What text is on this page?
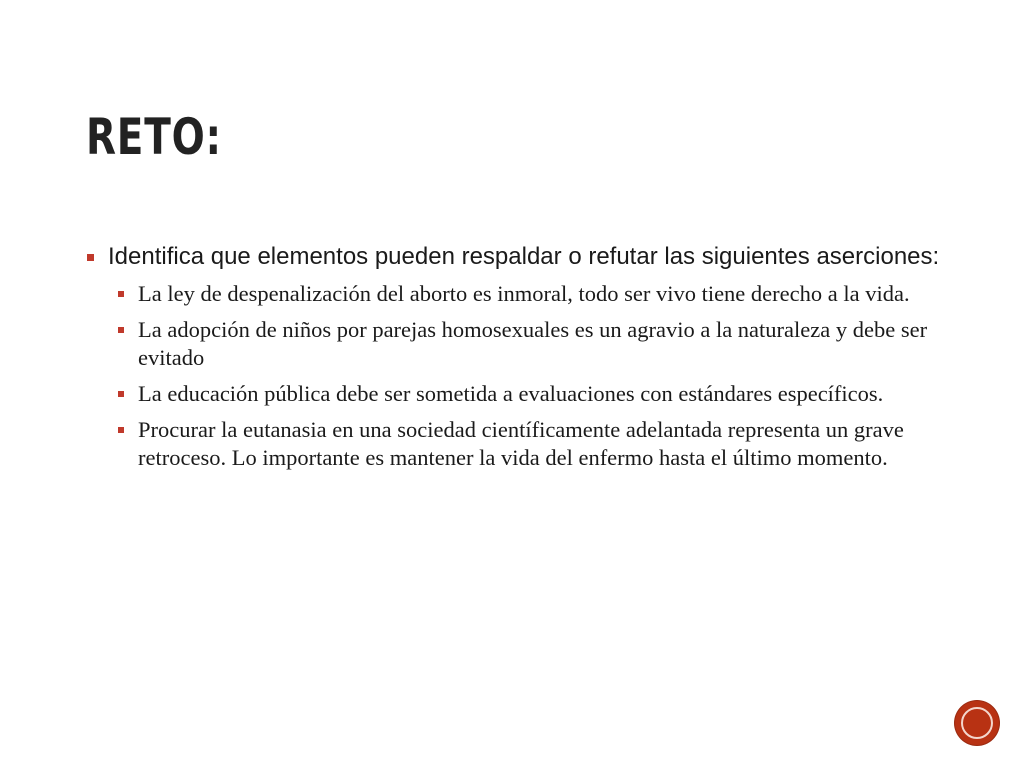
RETO:
Identifica que elementos pueden respaldar o refutar las siguientes aserciones:
La ley de despenalización del aborto es inmoral, todo ser vivo tiene derecho a la vida.
La adopción de niños por parejas homosexuales es un agravio a la naturaleza y debe ser evitado
La educación pública debe ser sometida a evaluaciones con estándares específicos.
Procurar la eutanasia en una sociedad científicamente adelantada representa un grave retroceso. Lo importante es mantener la vida del enfermo hasta el último momento.
